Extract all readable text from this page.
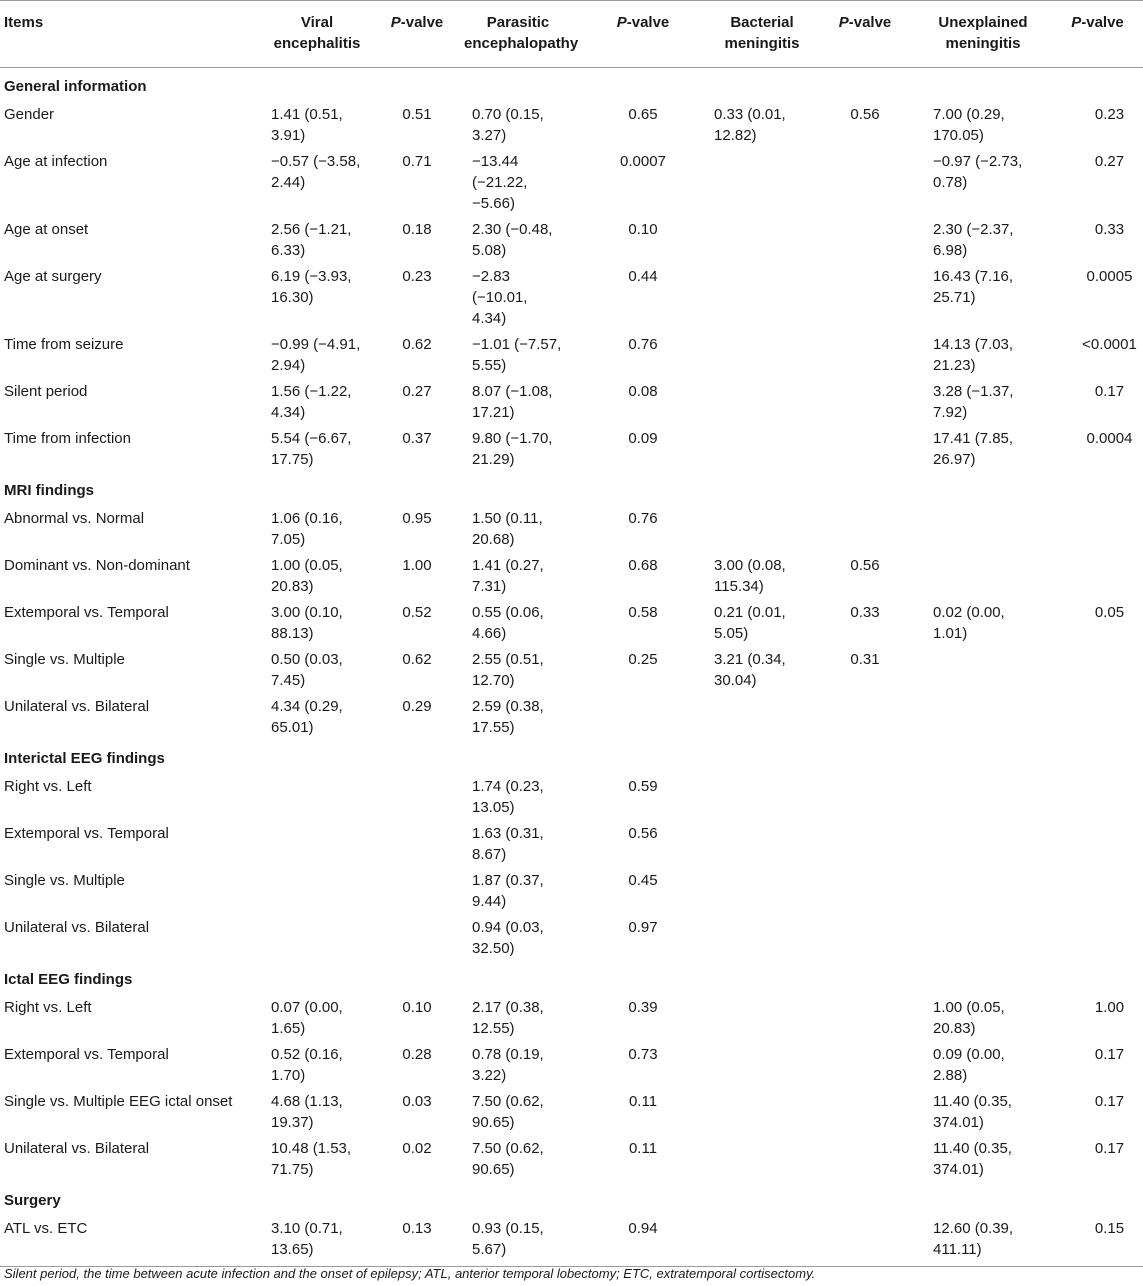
Items	Viral encephalitis	P-valve	Parasitic encephalopathy	P-valve	Bacterial meningitis	P-valve	Unexplained meningitis	P-valve
General information								
Gender	1.41 (0.51, 3.91)	0.51	0.70 (0.15, 3.27)	0.65	0.33 (0.01, 12.82)	0.56	7.00 (0.29, 170.05)	0.23
Age at infection	−0.57 (−3.58, 2.44)	0.71	−13.44 (−21.22, −5.66)	0.0007			−0.97 (−2.73, 0.78)	0.27
Age at onset	2.56 (−1.21, 6.33)	0.18	2.30 (−0.48, 5.08)	0.10			2.30 (−2.37, 6.98)	0.33
Age at surgery	6.19 (−3.93, 16.30)	0.23	−2.83 (−10.01, 4.34)	0.44			16.43 (7.16, 25.71)	0.0005
Time from seizure	−0.99 (−4.91, 2.94)	0.62	−1.01 (−7.57, 5.55)	0.76			14.13 (7.03, 21.23)	<0.0001
Silent period	1.56 (−1.22, 4.34)	0.27	8.07 (−1.08, 17.21)	0.08			3.28 (−1.37, 7.92)	0.17
Time from infection	5.54 (−6.67, 17.75)	0.37	9.80 (−1.70, 21.29)	0.09			17.41 (7.85, 26.97)	0.0004
MRI findings								
Abnormal vs. Normal	1.06 (0.16, 7.05)	0.95	1.50 (0.11, 20.68)	0.76	

Dominant vs. Non-dominant	1.00 (0.05, 20.83)	1.00	1.41 (0.27, 7.31)	0.68	3.00 (0.08, 115.34)	0.56	

Extemporal vs. Temporal	3.00 (0.10, 88.13)	0.52	0.55 (0.06, 4.66)	0.58	0.21 (0.01, 5.05)	0.33	0.02 (0.00, 1.01)	0.05
Single vs. Multiple	0.50 (0.03, 7.45)	0.62	2.55 (0.51, 12.70)	0.25	3.21 (0.34, 30.04)	0.31	

Unilateral vs. Bilateral	4.34 (0.29, 65.01)	0.29	2.59 (0.38, 17.55)					

Interictal EEG findings								
Right vs. Left			1.74 (0.23, 13.05)	0.59	

Extemporal vs. Temporal			1.63 (0.31, 8.67)	0.56	

Single vs. Multiple			1.87 (0.37, 9.44)	0.45	

Unilateral vs. Bilateral			0.94 (0.03, 32.50)	0.97	

Ictal EEG findings								
Right vs. Left	0.07 (0.00, 1.65)	0.10	2.17 (0.38, 12.55)	0.39			1.00 (0.05, 20.83)	1.00
Extemporal vs. Temporal	0.52 (0.16, 1.70)	0.28	0.78 (0.19, 3.22)	0.73			0.09 (0.00, 2.88)	0.17
Single vs. Multiple EEG ictal onset	4.68 (1.13, 19.37)	0.03	7.50 (0.62, 90.65)	0.11			11.40 (0.35, 374.01)	0.17
Unilateral vs. Bilateral	10.48 (1.53, 71.75)	0.02	7.50 (0.62, 90.65)	0.11			11.40 (0.35, 374.01)	0.17
Surgery								
ATL vs. ETC	3.10 (0.71, 13.65)	0.13	0.93 (0.15, 5.67)	0.94			12.60 (0.39, 411.11)	0.15
Silent period, the time between acute infection and the onset of epilepsy; ATL, anterior temporal lobectomy; ETC, extratemporal cortisectomy.
